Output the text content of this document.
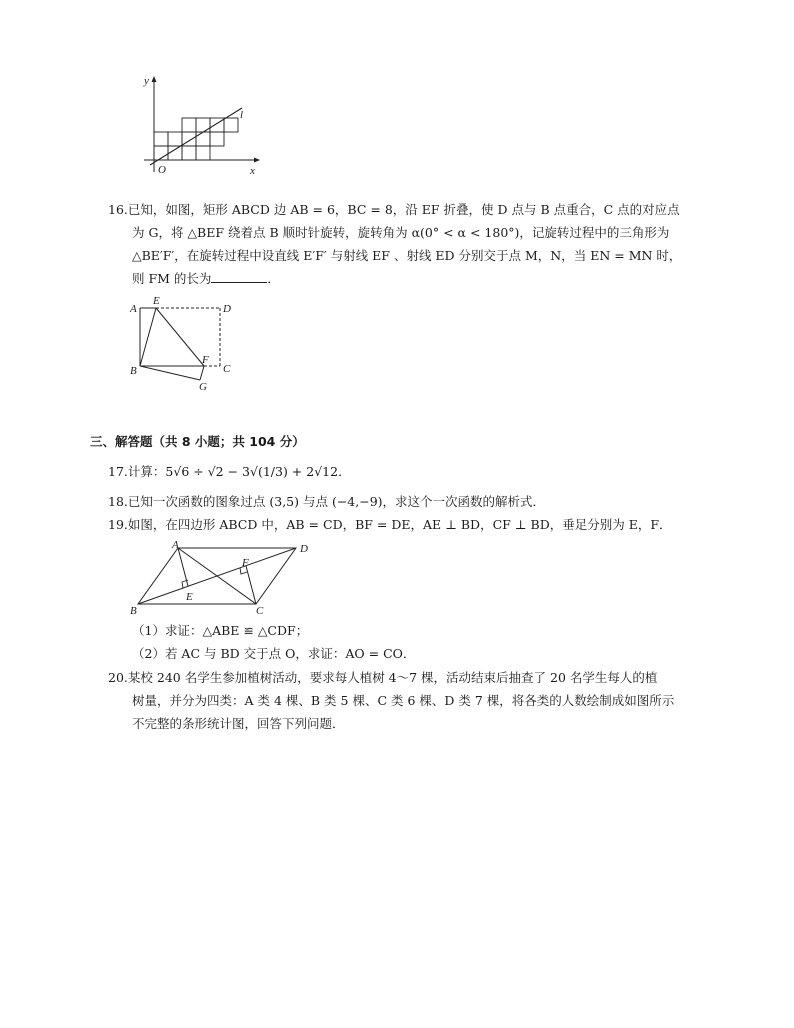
O
y
x
l
16.已知，如图，矩形 ABCD 边 AB = 6，BC = 8，沿 EF 折叠，使 D 点与 B 点重合，C 点的对应点
为 G，将 △BEF 绕着点 B 顺时针旋转，旋转角为 α(0° < α < 180°)，记旋转过程中的三角形为
△BE′F′，在旋转过程中设直线 E′F′ 与射线 EF 、射线 ED 分别交于点 M，N，当 EN = MN 时，
则 FM 的长为	．
A
E
D
F
B	C
G
三、解答题（共 8 小题；共 104 分）
17.计算：5√6 ÷ √2 − 3√(1/3) + 2√12．
18.已知一次函数的图象过点 (3,5) 与点 (−4,−9)，求这个一次函数的解析式．
19.如图，在四边形 ABCD 中，AB = CD，BF = DE，AE ⊥ BD，CF ⊥ BD，垂足分别为 E，F．
A	D
F
E
B	C
（1）求证：△ABE ≌ △CDF；
（2）若 AC 与 BD 交于点 O，求证：AO = CO．
20.某校 240 名学生参加植树活动，要求每人植树 4～7 棵，活动结束后抽查了 20 名学生每人的植
树量，并分为四类：A 类 4 棵、B 类 5 棵、C 类 6 棵、D 类 7 棵，将各类的人数绘制成如图所示
不完整的条形统计图，回答下列问题．
